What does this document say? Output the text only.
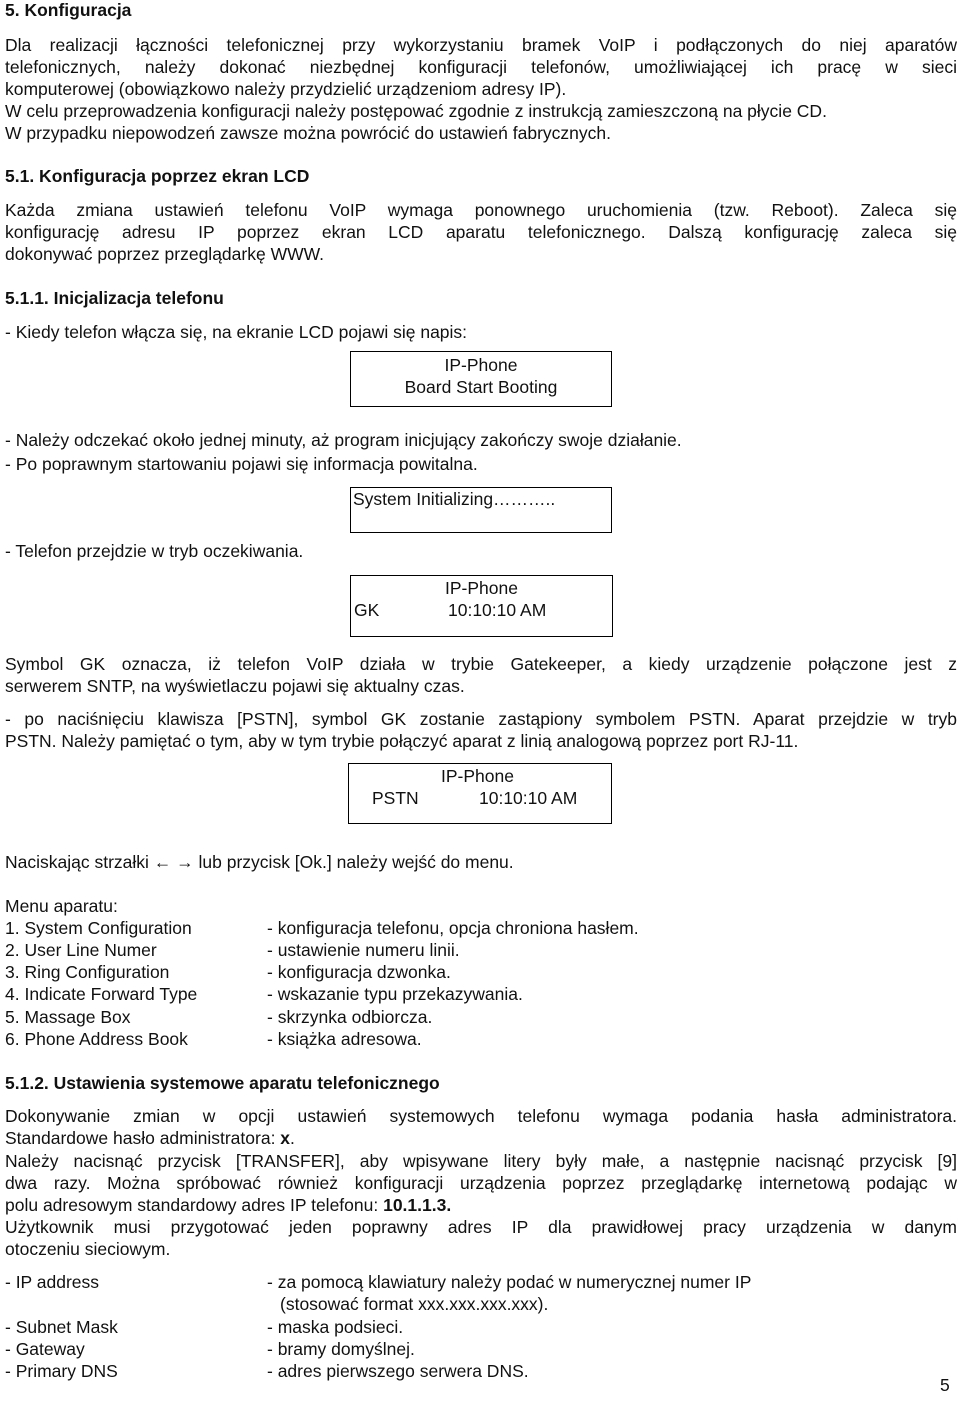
5. Konfiguracja
Dla realizacji łączności telefonicznej przy wykorzystaniu bramek VoIP i podłączonych do niej aparatów
telefonicznych, należy dokonać niezbędnej konfiguracji telefonów, umożliwiającej ich pracę w sieci
komputerowej (obowiązkowo należy przydzielić urządzeniom adresy IP).
W celu przeprowadzenia konfiguracji należy postępować zgodnie z instrukcją zamieszczoną na płycie CD.
W przypadku niepowodzeń zawsze można powrócić do ustawień fabrycznych.
5.1. Konfiguracja poprzez ekran LCD
Każda zmiana ustawień telefonu VoIP wymaga ponownego uruchomienia (tzw. Reboot). Zaleca się
konfigurację adresu IP poprzez ekran LCD aparatu telefonicznego. Dalszą konfigurację zaleca się
dokonywać poprzez przeglądarkę WWW.
5.1.1. Inicjalizacja telefonu
- Kiedy telefon włącza się, na ekranie LCD pojawi się napis:
IP-Phone
Board Start Booting
- Należy odczekać około jednej minuty, aż program inicjujący zakończy swoje działanie.
- Po poprawnym startowaniu pojawi się informacja powitalna.
System Initializing………..
- Telefon przejdzie w tryb oczekiwania.
IP-Phone
GK	10:10:10 AM
Symbol GK oznacza, iż telefon VoIP działa w trybie Gatekeeper, a kiedy urządzenie połączone jest z
serwerem SNTP, na wyświetlaczu pojawi się aktualny czas.
- po naciśnięciu klawisza [PSTN], symbol GK zostanie zastąpiony symbolem PSTN. Aparat przejdzie w tryb
PSTN. Należy pamiętać o tym, aby w tym trybie połączyć aparat z linią analogową poprzez port RJ-11.
IP-Phone
PSTN	10:10:10 AM
Naciskając strzałki ← → lub przycisk [Ok.] należy wejść do menu.
Menu aparatu:
1. System Configuration	- konfiguracja telefonu, opcja chroniona hasłem.
2. User Line Numer	- ustawienie numeru linii.
3. Ring Configuration	- konfiguracja dzwonka.
4. Indicate Forward Type	- wskazanie typu przekazywania.
5. Massage Box	- skrzynka odbiorcza.
6. Phone Address Book	- książka adresowa.
5.1.2. Ustawienia systemowe aparatu telefonicznego
Dokonywanie zmian w opcji ustawień systemowych telefonu wymaga podania hasła administratora.
Standardowe hasło administratora: x.
Należy nacisnąć przycisk [TRANSFER], aby wpisywane litery były małe, a następnie nacisnąć przycisk [9]
dwa razy. Można spróbować również konfiguracji urządzenia poprzez przeglądarkę internetową podając w
polu adresowym standardowy adres IP telefonu: 10.1.1.3.
Użytkownik musi przygotować jeden poprawny adres IP dla prawidłowej pracy urządzenia w danym
otoczeniu sieciowym.
- IP address	- za pomocą klawiatury należy podać w numerycznej numer IP
(stosować format xxx.xxx.xxx.xxx).
- Subnet Mask	- maska podsieci.
- Gateway	- bramy domyślnej.
- Primary DNS	- adres pierwszego serwera DNS.
5
